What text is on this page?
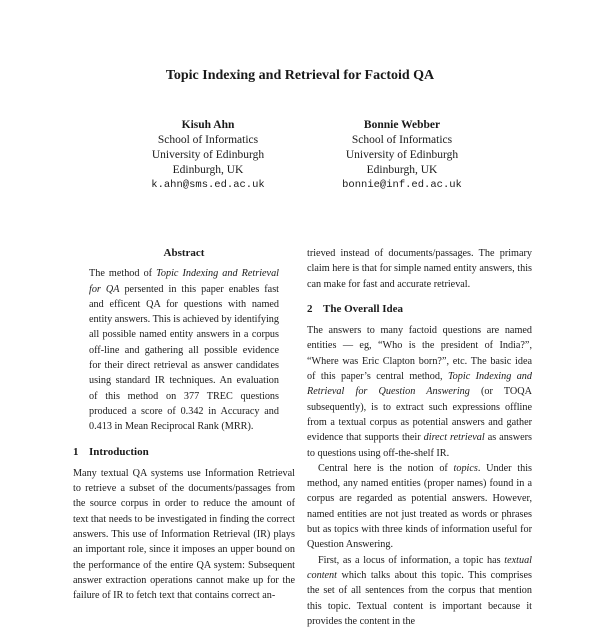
Topic Indexing and Retrieval for Factoid QA
Kisuh Ahn
School of Informatics
University of Edinburgh
Edinburgh, UK
k.ahn@sms.ed.ac.uk
Bonnie Webber
School of Informatics
University of Edinburgh
Edinburgh, UK
bonnie@inf.ed.ac.uk
Abstract

The method of Topic Indexing and Retrieval for QA persented in this paper enables fast and efficent QA for questions with named entity answers. This is achieved by identifying all possible named entity answers in a corpus off-line and gathering all possible evidence for their direct retrieval as answer candidates using standard IR techniques. An evaluation of this method on 377 TREC questions produced a score of 0.342 in Accuracy and 0.413 in Mean Reciprocal Rank (MRR).

1 Introduction

Many textual QA systems use Information Retrieval to retrieve a subset of the documents/passages from the source corpus in order to reduce the amount of text that needs to be investigated in finding the correct answers. This use of Information Retrieval (IR) plays an important role, since it imposes an upper bound on the performance of the entire QA system: Subsequent answer extraction operations cannot make up for the failure of IR to fetch text that contains correct an-

trieved instead of documents/passages. The primary claim here is that for simple named entity answers, this can make for fast and accurate retrieval.

2 The Overall Idea

The answers to many factoid questions are named entities — eg, “Who is the president of India?”, “Where was Eric Clapton born?”, etc. The basic idea of this paper’s central method, Topic Indexing and Retrieval for Question Answering (or TOQA subsequently), is to extract such expressions offline from a textual corpus as potential answers and gather evidence that supports their direct retrieval as answers to questions using off-the-shelf IR.

Central here is the notion of topics. Under this method, any named entities (proper names) found in a corpus are regarded as potential answers. However, named entities are not just treated as words or phrases but as topics with three kinds of information useful for Question Answering.

First, as a locus of information, a topic has textual content which talks about this topic. This comprises the set of all sentences from the corpus that mention this topic. Textual content is important because it provides the content in the
